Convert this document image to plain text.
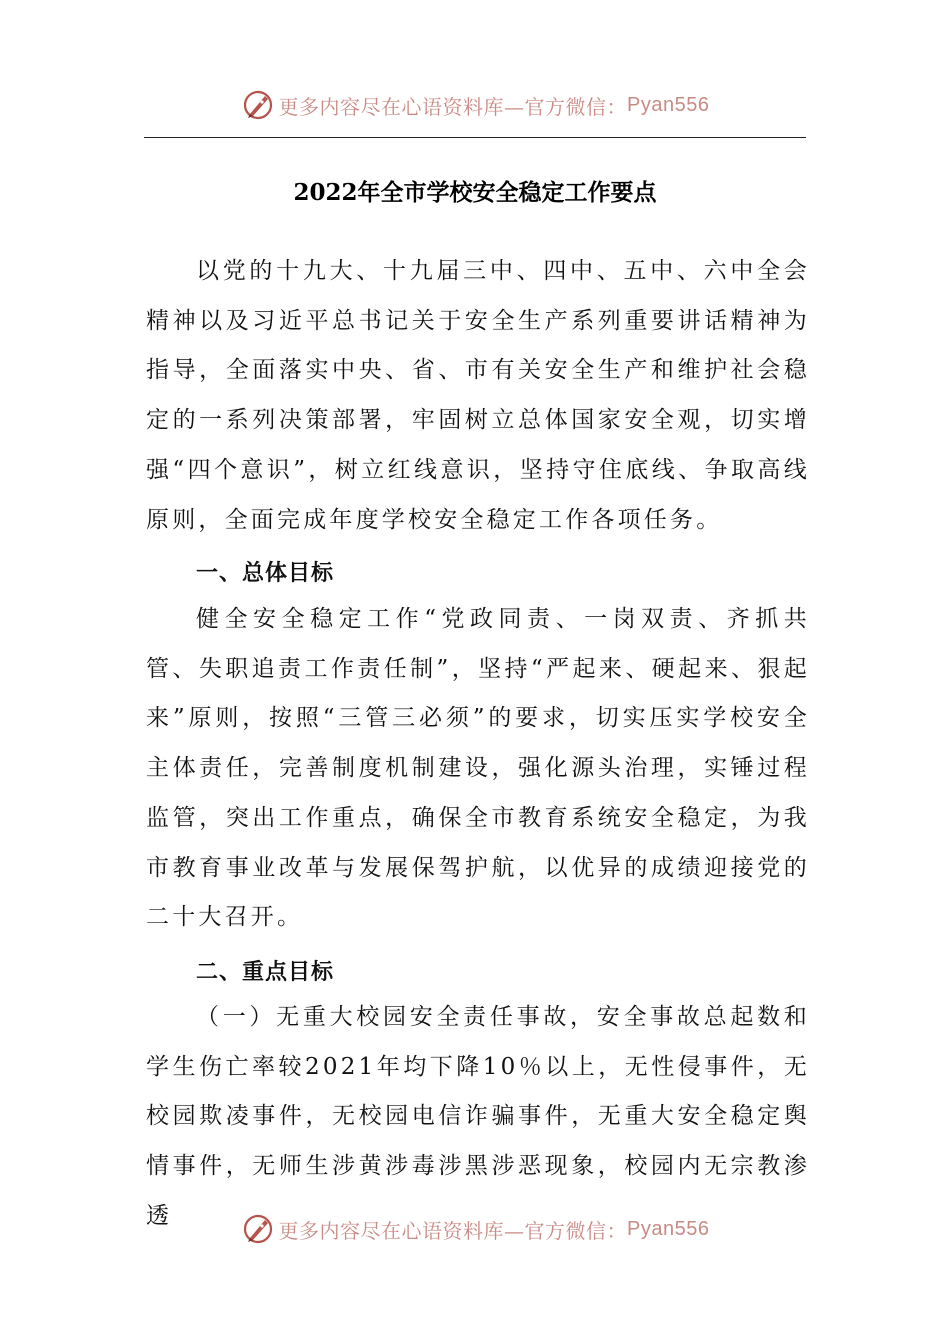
更多内容尽在心语资料库—官方微信： Pyan556
2022年全市学校安全稳定工作要点

以党的十九大、十九届三中、四中、五中、六中全会精神以及习近平总书记关于安全生产系列重要讲话精神为指导，全面落实中央、省、市有关安全生产和维护社会稳定的一系列决策部署，牢固树立总体国家安全观，切实增强“四个意识”，树立红线意识，坚持守住底线、争取高线原则，全面完成年度学校安全稳定工作各项任务。

一、总体目标

健全安全稳定工作“党政同责、一岗双责、齐抓共管、失职追责工作责任制”，坚持“严起来、硬起来、狠起来”原则，按照“三管三必须”的要求，切实压实学校安全主体责任，完善制度机制建设，强化源头治理，实锤过程监管，突出工作重点，确保全市教育系统安全稳定，为我市教育事业改革与发展保驾护航，以优异的成绩迎接党的二十大召开。

二、重点目标

（一）无重大校园安全责任事故，安全事故总起数和学生伤亡率较2021年均下降10％以上，无性侵事件，无校园欺凌事件，无校园电信诈骗事件，无重大安全稳定舆情事件，无师生涉黄涉毒涉黑涉恶现象，校园内无宗教渗透

更多内容尽在心语资料库—官方微信： Pyan556
